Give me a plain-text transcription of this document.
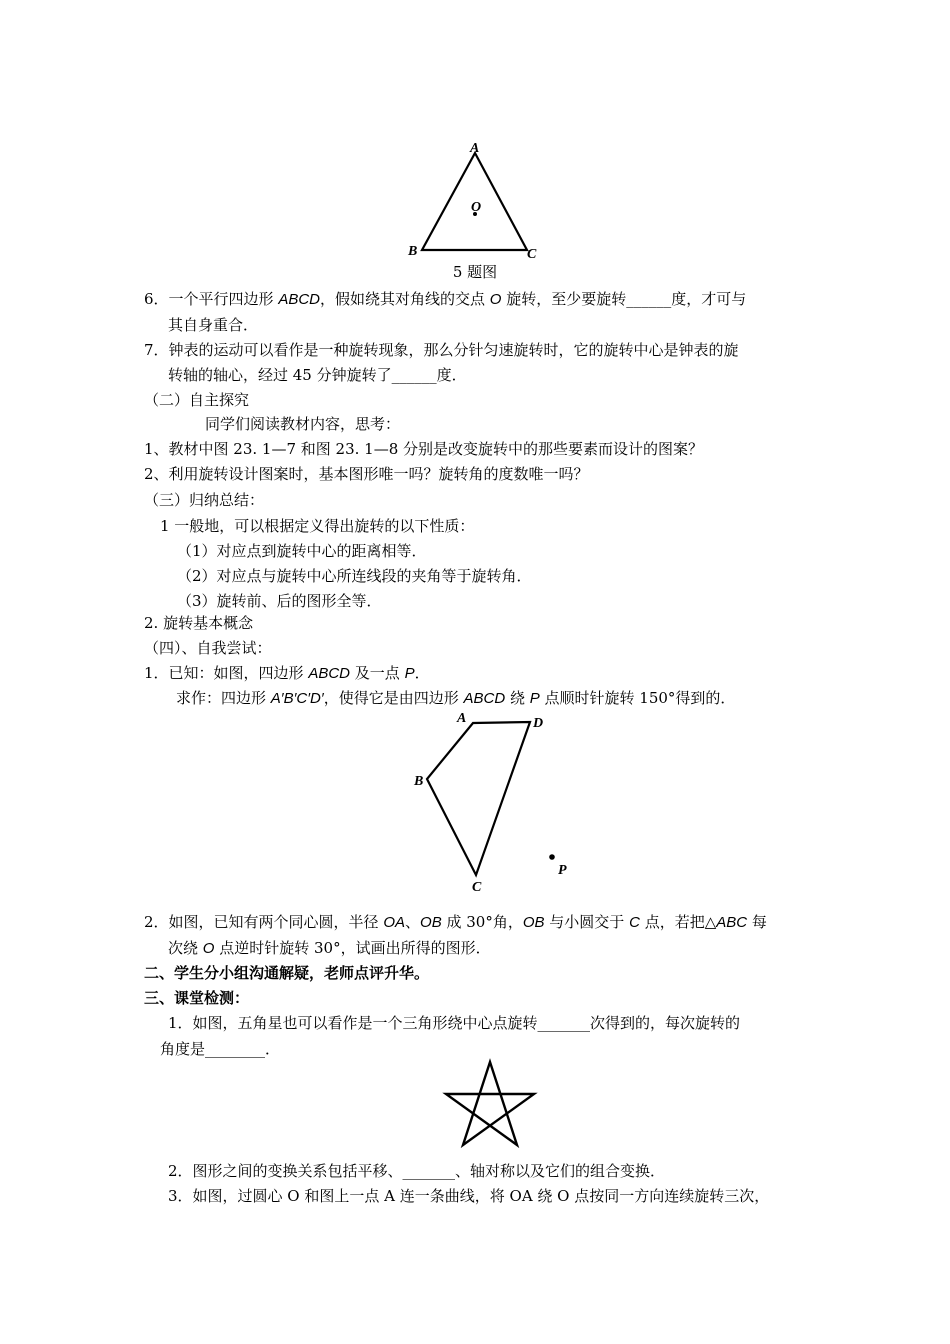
A
B	C
O
5 题图
6．一个平行四边形 ABCD，假如绕其对角线的交点 O 旋转，至少要旋转______度，才可与
其自身重合．
7．钟表的运动可以看作是一种旋转现象，那么分针匀速旋转时，它的旋转中心是钟表的旋
转轴的轴心，经过 45 分钟旋转了______度．
（二）自主探究
同学们阅读教材内容，思考：
1、教材中图 23. 1—7 和图 23. 1—8 分别是改变旋转中的那些要素而设计的图案？
2、利用旋转设计图案时，基本图形唯一吗？旋转角的度数唯一吗？
（三）归纳总结：
1 一般地，可以根据定义得出旋转的以下性质：
（1）对应点到旋转中心的距离相等．
（2）对应点与旋转中心所连线段的夹角等于旋转角．
（3）旋转前、后的图形全等．
2. 旋转基本概念
（四）、自我尝试：
1．已知：如图，四边形 ABCD 及一点 P．
求作：四边形 A′B′C′D′，使得它是由四边形 ABCD 绕 P 点顺时针旋转 150°得到的．
A	D
B
C
P
2．如图，已知有两个同心圆，半径 OA、OB 成 30°角，OB 与小圆交于 C 点，若把△ABC 每
次绕 O 点逆时针旋转 30°，试画出所得的图形．
二、学生分小组沟通解疑，老师点评升华。
三、课堂检测：
1．如图，五角星也可以看作是一个三角形绕中心点旋转_______次得到的，每次旋转的
角度是________．
2．图形之间的变换关系包括平移、_______、轴对称以及它们的组合变换．
3．如图，过圆心 O 和图上一点 A 连一条曲线，将 OA 绕 O 点按同一方向连续旋转三次，
